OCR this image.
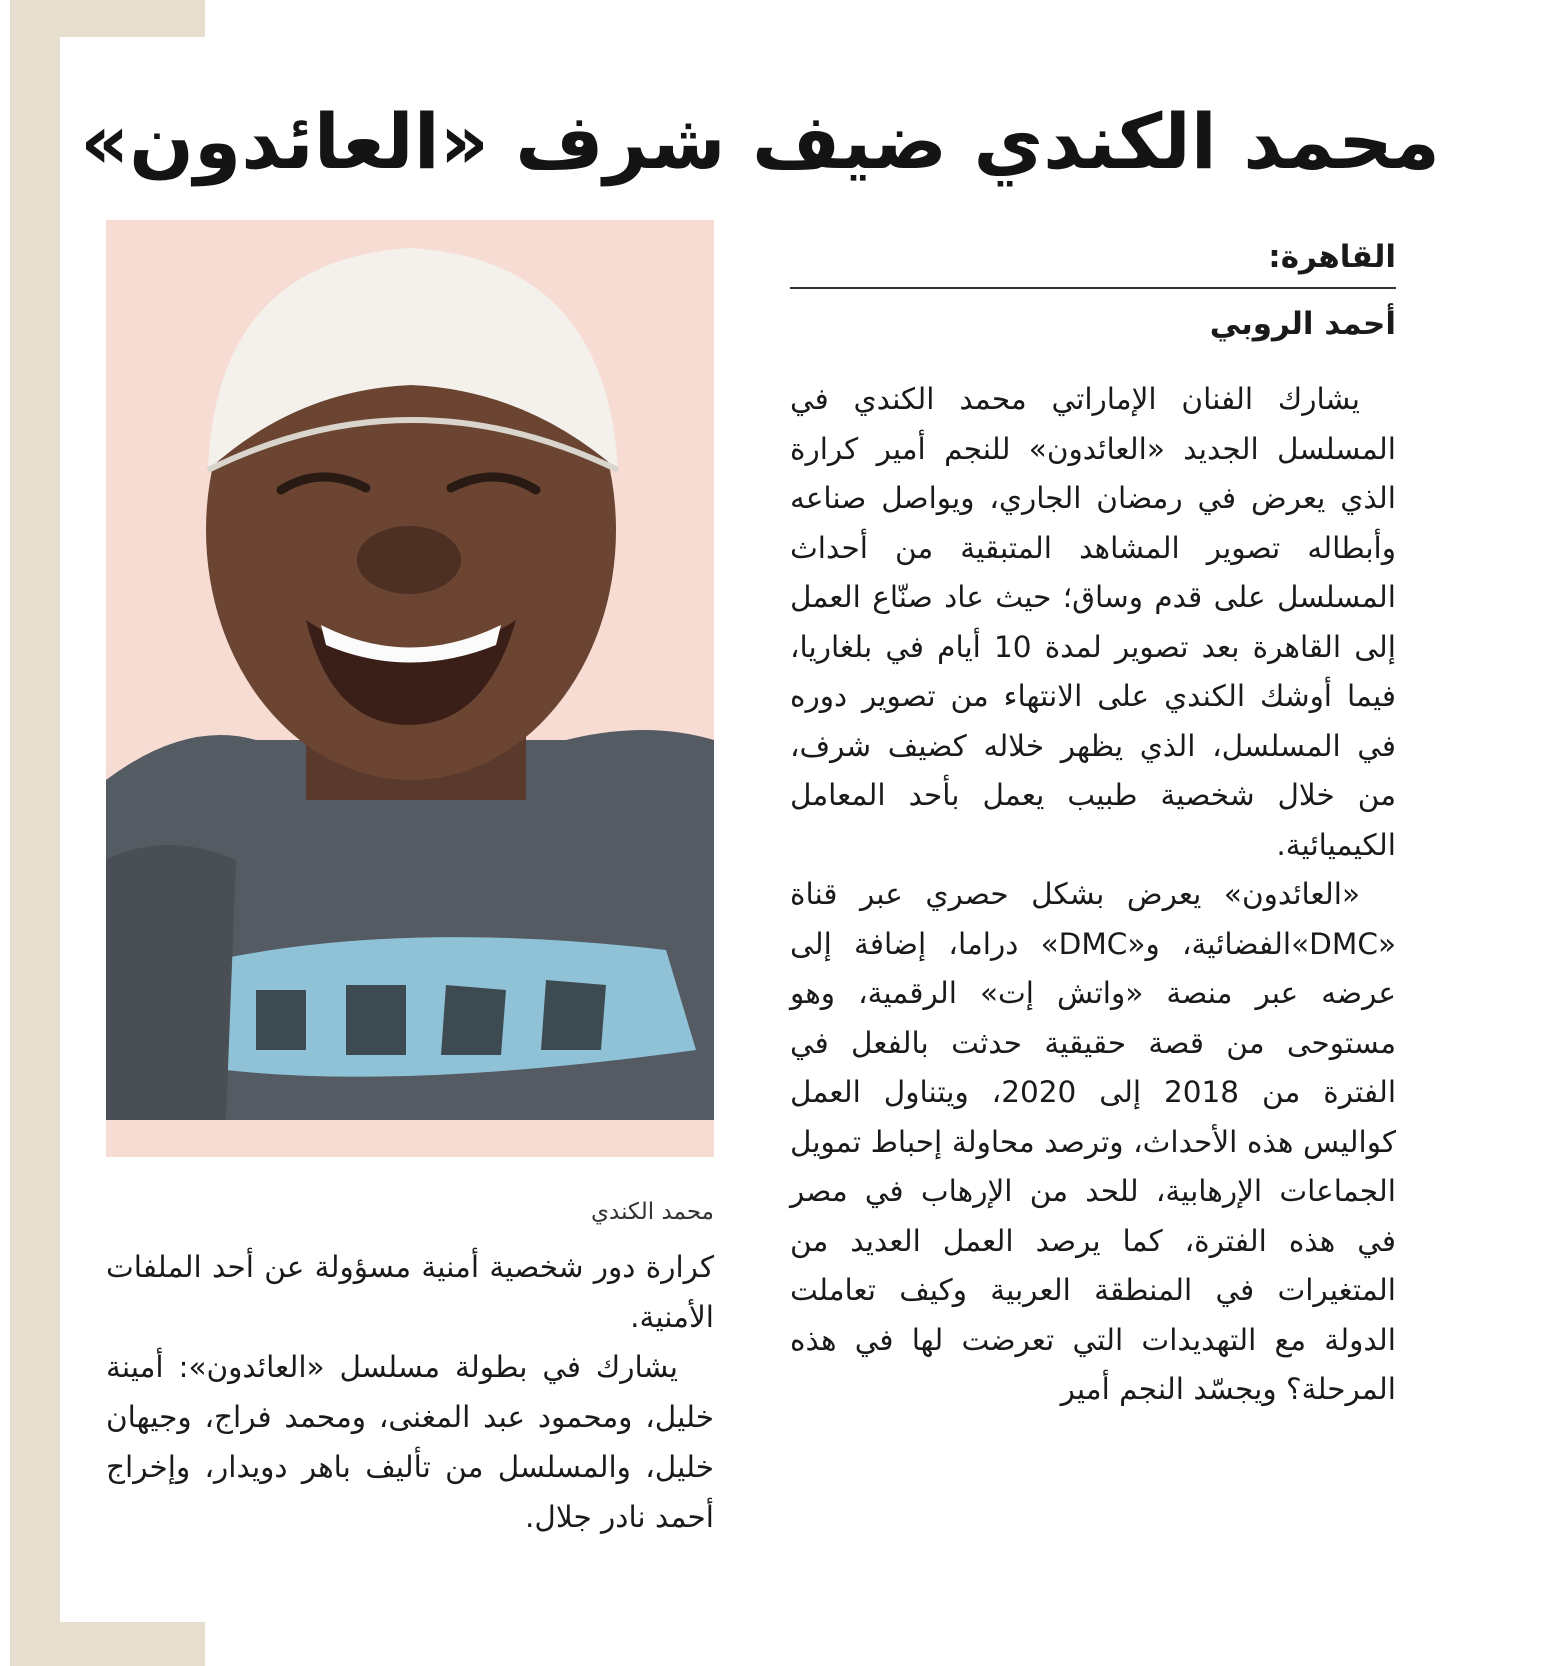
محمد الكندي ضيف شرف «العائدون»
القاهرة:
أحمد الروبي

يشارك الفنان الإماراتي محمد الكندي في المسلسل الجديد «العائدون» للنجم أمير كرارة الذي يعرض في رمضان الجاري، ويواصل صناعه وأبطاله تصوير المشاهد المتبقية من أحداث المسلسل على قدم وساق؛ حيث عاد صنّاع العمل إلى القاهرة بعد تصوير لمدة 10 أيام في بلغاريا، فيما أوشك الكندي على الانتهاء من تصوير دوره في المسلسل، الذي يظهر خلاله كضيف شرف، من خلال شخصية طبيب يعمل بأحد المعامل الكيميائية.

«العائدون» يعرض بشكل حصري عبر قناة «DMC»الفضائية، و«DMC» دراما، إضافة إلى عرضه عبر منصة «واتش إت» الرقمية، وهو مستوحى من قصة حقيقية حدثت بالفعل في الفترة من 2018 إلى 2020، ويتناول العمل كواليس هذه الأحداث، وترصد محاولة إحباط تمويل الجماعات الإرهابية، للحد من الإرهاب في مصر في هذه الفترة، كما يرصد العمل العديد من المتغيرات في المنطقة العربية وكيف تعاملت الدولة مع التهديدات التي تعرضت لها في هذه المرحلة؟ ويجسّد النجم أمير

محمد الكندي

كرارة دور شخصية أمنية مسؤولة عن أحد الملفات الأمنية.

يشارك في بطولة مسلسل «العائدون»: أمينة خليل، ومحمود عبد المغنى، ومحمد فراج، وجيهان خليل، والمسلسل من تأليف باهر دويدار، وإخراج أحمد نادر جلال.
